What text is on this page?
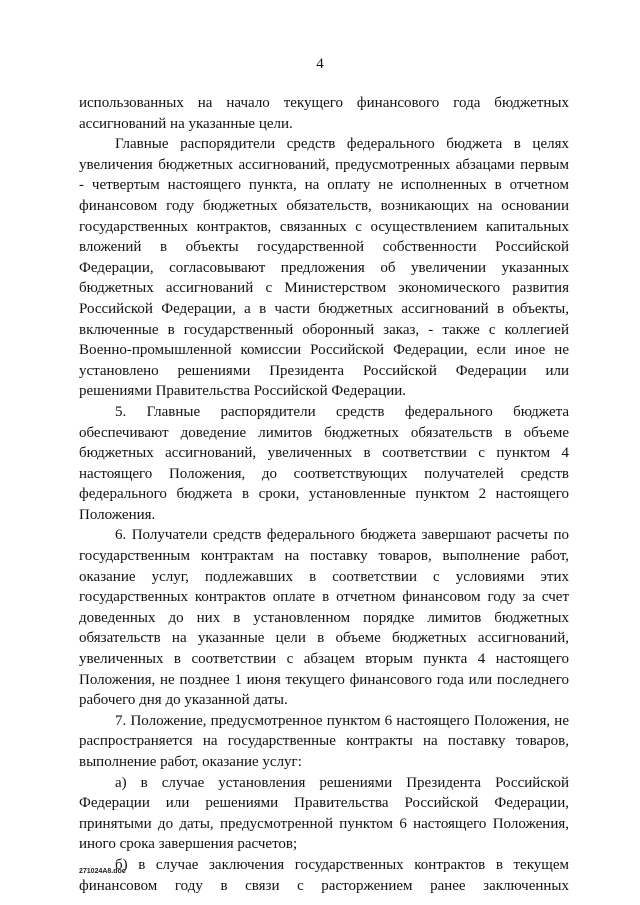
4

использованных на начало текущего финансового года бюджетных ассигнований на указанные цели.

Главные распорядители средств федерального бюджета в целях увеличения бюджетных ассигнований, предусмотренных абзацами первым - четвертым настоящего пункта, на оплату не исполненных в отчетном финансовом году бюджетных обязательств, возникающих на основании государственных контрактов, связанных с осуществлением капитальных вложений в объекты государственной собственности Российской Федерации, согласовывают предложения об увеличении указанных бюджетных ассигнований с Министерством экономического развития Российской Федерации, а в части бюджетных ассигнований в объекты, включенные в государственный оборонный заказ, - также с коллегией Военно-промышленной комиссии Российской Федерации, если иное не установлено решениями Президента Российской Федерации или решениями Правительства Российской Федерации.

5. Главные распорядители средств федерального бюджета обеспечивают доведение лимитов бюджетных обязательств в объеме бюджетных ассигнований, увеличенных в соответствии с пунктом 4 настоящего Положения, до соответствующих получателей средств федерального бюджета в сроки, установленные пунктом 2 настоящего Положения.

6. Получатели средств федерального бюджета завершают расчеты по государственным контрактам на поставку товаров, выполнение работ, оказание услуг, подлежавших в соответствии с условиями этих государственных контрактов оплате в отчетном финансовом году за счет доведенных до них в установленном порядке лимитов бюджетных обязательств на указанные цели в объеме бюджетных ассигнований, увеличенных в соответствии с абзацем вторым пункта 4 настоящего Положения, не позднее 1 июня текущего финансового года или последнего рабочего дня до указанной даты.

7. Положение, предусмотренное пунктом 6 настоящего Положения, не распространяется на государственные контракты на поставку товаров, выполнение работ, оказание услуг:

а) в случае установления решениями Президента Российской Федерации или решениями Правительства Российской Федерации, принятыми до даты, предусмотренной пунктом 6 настоящего Положения, иного срока завершения расчетов;

б) в случае заключения государственных контрактов в текущем финансовом году в связи с расторжением ранее заключенных

271024A8.doc
